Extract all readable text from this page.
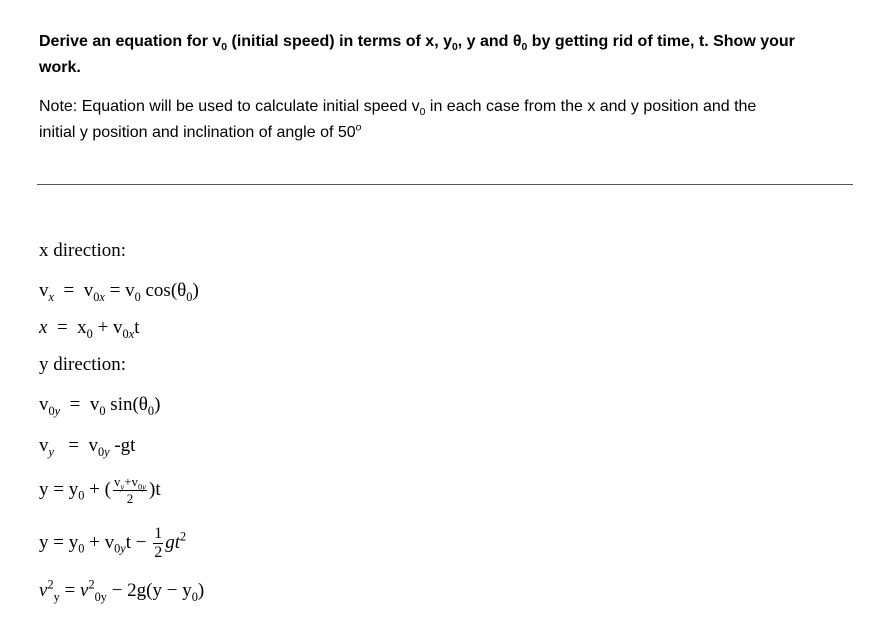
Derive an equation for $v_0$ (initial speed) in terms of x, $y_0$, y and $\theta_0$ by getting rid of time, t. Show your
work.
Note: Equation will be used to calculate initial speed $v_0$ in each case from the x and y position and the
initial y position and inclination of angle of 50$^o$
x direction:
$v_x = v_{0x} = v_0$ $\cos(\theta_0)$
$x = x_0 + v_{0x}t$
y direction:
$v_{0y} = v_0$ $\sin(\theta_0)$
$v_y = v_{0y}$ -gt
$y = y_0$ + ( $\frac{v_y+v_{0y}}{2} )t$
$y = y_0 + v_{0y}t - \frac{1}{2} gt^2$
$v^2_y = v^2_{0y} - 2g(y - y_0)$
